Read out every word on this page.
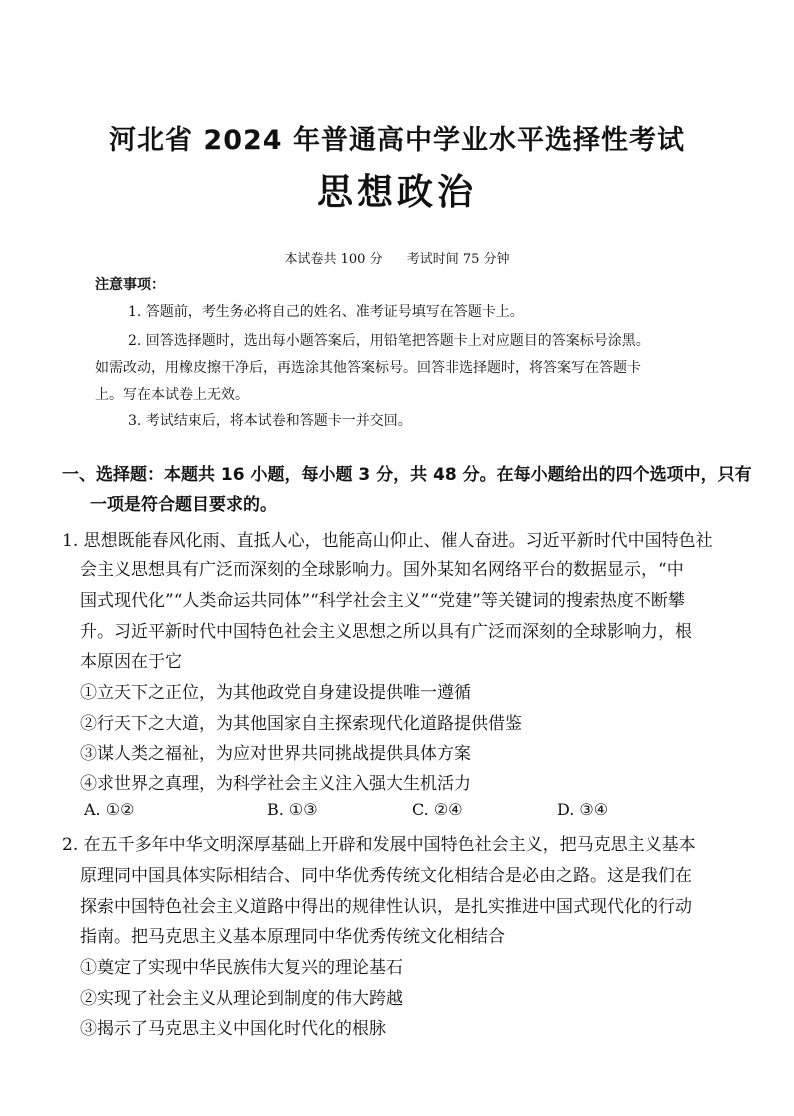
河北省 2024 年普通高中学业水平选择性考试
思想政治
本试卷共 100 分 考试时间 75 分钟
注意事项：
1. 答题前，考生务必将自己的姓名、准考证号填写在答题卡上。
2. 回答选择题时，选出每小题答案后，用铅笔把答题卡上对应题目的答案标号涂黑。
如需改动，用橡皮擦干净后，再选涂其他答案标号。回答非选择题时，将答案写在答题卡
上。写在本试卷上无效。
3. 考试结束后，将本试卷和答题卡一并交回。
一、选择题：本题共 16 小题，每小题 3 分，共 48 分。在每小题给出的四个选项中，只有
一项是符合题目要求的。
1. 思想既能春风化雨、直抵人心，也能高山仰止、催人奋进。习近平新时代中国特色社
会主义思想具有广泛而深刻的全球影响力。国外某知名网络平台的数据显示，“中
国式现代化”“人类命运共同体”“科学社会主义”“党建”等关键词的搜索热度不断攀
升。习近平新时代中国特色社会主义思想之所以具有广泛而深刻的全球影响力，根
本原因在于它
①立天下之正位，为其他政党自身建设提供唯一遵循
②行天下之大道，为其他国家自主探索现代化道路提供借鉴
③谋人类之福祉，为应对世界共同挑战提供具体方案
④求世界之真理，为科学社会主义注入强大生机活力
A. ①②	B. ①③	C. ②④	D. ③④
2. 在五千多年中华文明深厚基础上开辟和发展中国特色社会主义，把马克思主义基本
原理同中国具体实际相结合、同中华优秀传统文化相结合是必由之路。这是我们在
探索中国特色社会主义道路中得出的规律性认识，是扎实推进中国式现代化的行动
指南。把马克思主义基本原理同中华优秀传统文化相结合
①奠定了实现中华民族伟大复兴的理论基石
②实现了社会主义从理论到制度的伟大跨越
③揭示了马克思主义中国化时代化的根脉
